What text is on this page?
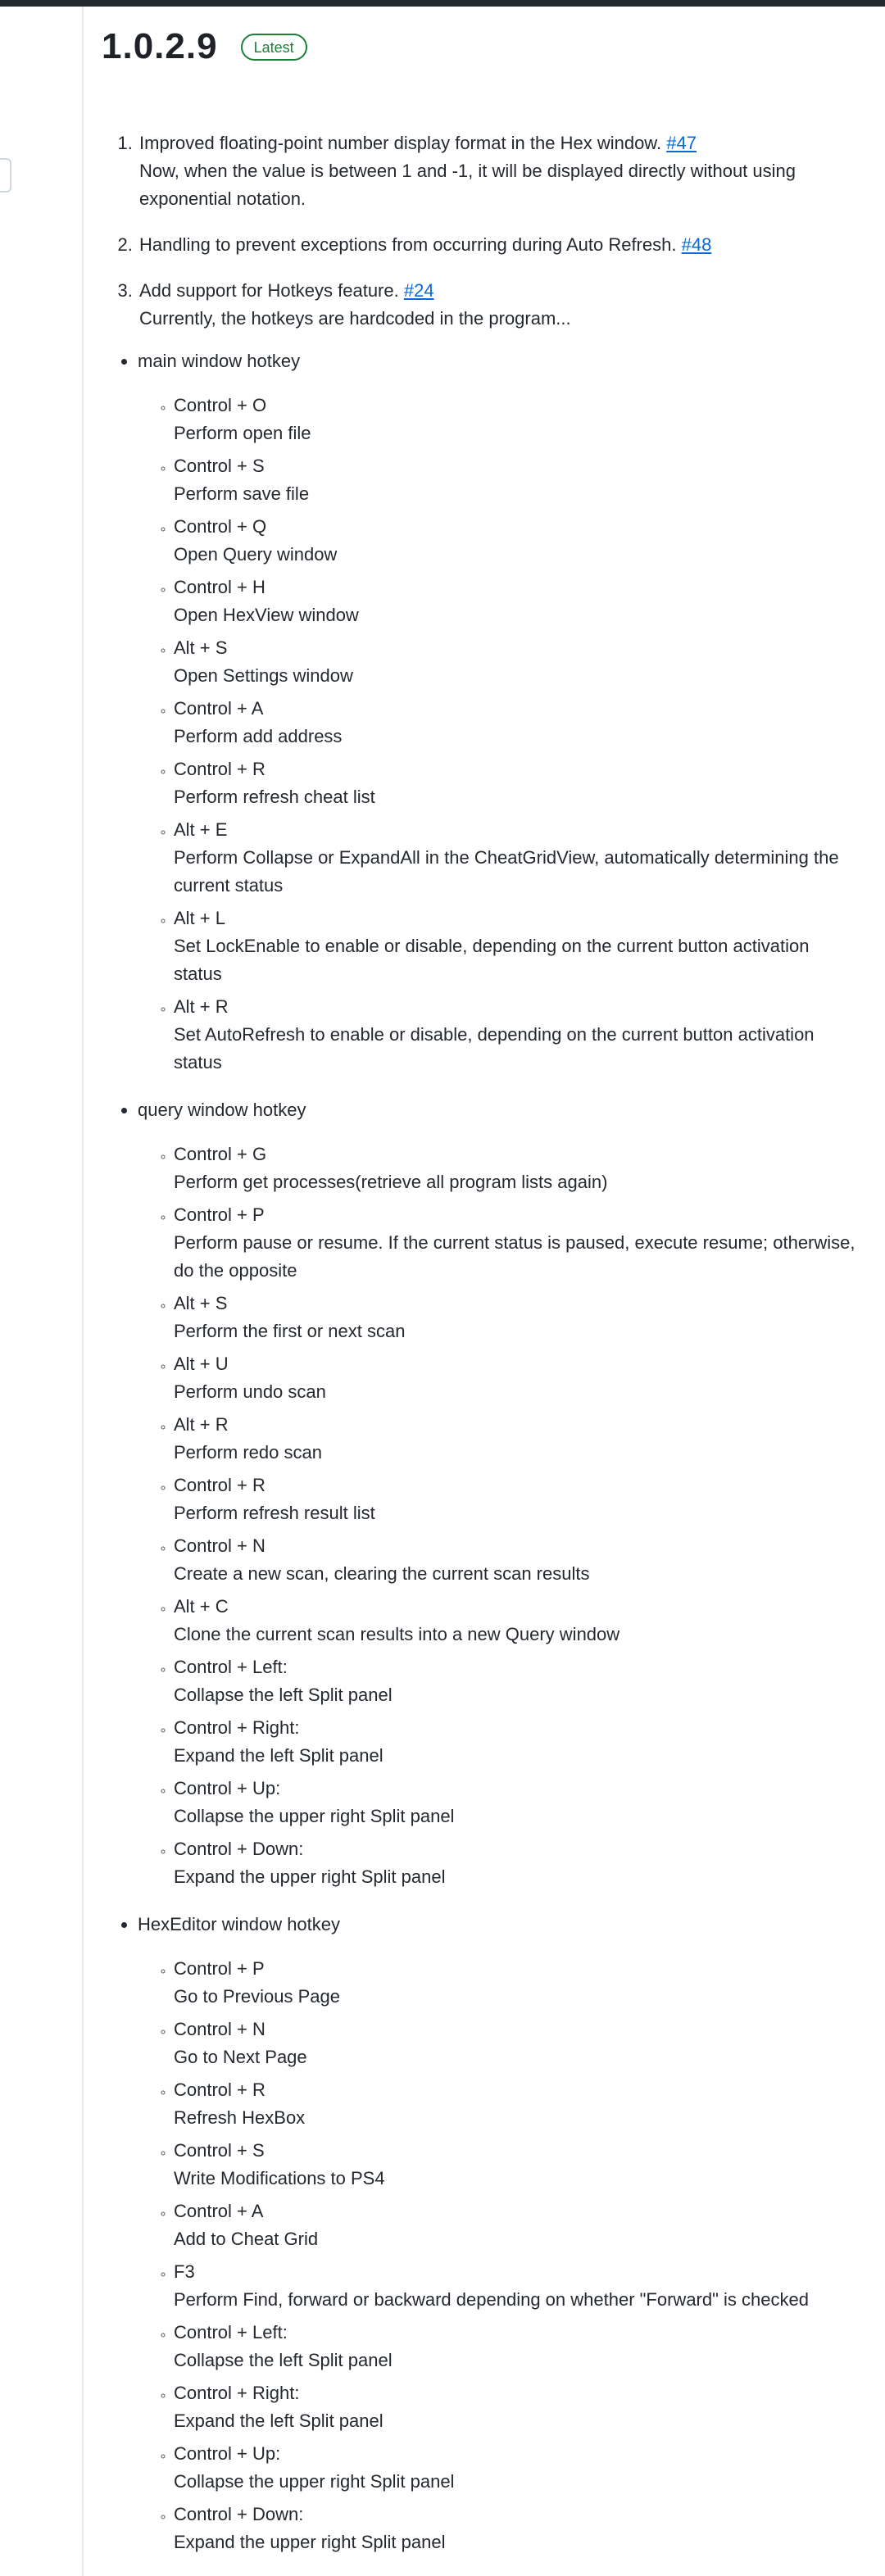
1.0.2.9	Latest
1. Improved floating-point number display format in the Hex window. #47
Now, when the value is between 1 and -1, it will be displayed directly without using exponential notation.
2. Handling to prevent exceptions from occurring during Auto Refresh. #48
3. Add support for Hotkeys feature. #24
Currently, the hotkeys are hardcoded in the program...
• main window hotkey
◦ Control + O
Perform open file
◦ Control + S
Perform save file
◦ Control + Q
Open Query window
◦ Control + H
Open HexView window
◦ Alt + S
Open Settings window
◦ Control + A
Perform add address
◦ Control + R
Perform refresh cheat list
◦ Alt + E
Perform Collapse or ExpandAll in the CheatGridView, automatically determining the current status
◦ Alt + L
Set LockEnable to enable or disable, depending on the current button activation status
◦ Alt + R
Set AutoRefresh to enable or disable, depending on the current button activation status
• query window hotkey
◦ Control + G
Perform get processes(retrieve all program lists again)
◦ Control + P
Perform pause or resume. If the current status is paused, execute resume; otherwise, do the opposite
◦ Alt + S
Perform the first or next scan
◦ Alt + U
Perform undo scan
◦ Alt + R
Perform redo scan
◦ Control + R
Perform refresh result list
◦ Control + N
Create a new scan, clearing the current scan results
◦ Alt + C
Clone the current scan results into a new Query window
◦ Control + Left:
Collapse the left Split panel
◦ Control + Right:
Expand the left Split panel
◦ Control + Up:
Collapse the upper right Split panel
◦ Control + Down:
Expand the upper right Split panel
• HexEditor window hotkey
◦ Control + P
Go to Previous Page
◦ Control + N
Go to Next Page
◦ Control + R
Refresh HexBox
◦ Control + S
Write Modifications to PS4
◦ Control + A
Add to Cheat Grid
◦ F3
Perform Find, forward or backward depending on whether "Forward" is checked
◦ Control + Left:
Collapse the left Split panel
◦ Control + Right:
Expand the left Split panel
◦ Control + Up:
Collapse the upper right Split panel
◦ Control + Down:
Expand the upper right Split panel
